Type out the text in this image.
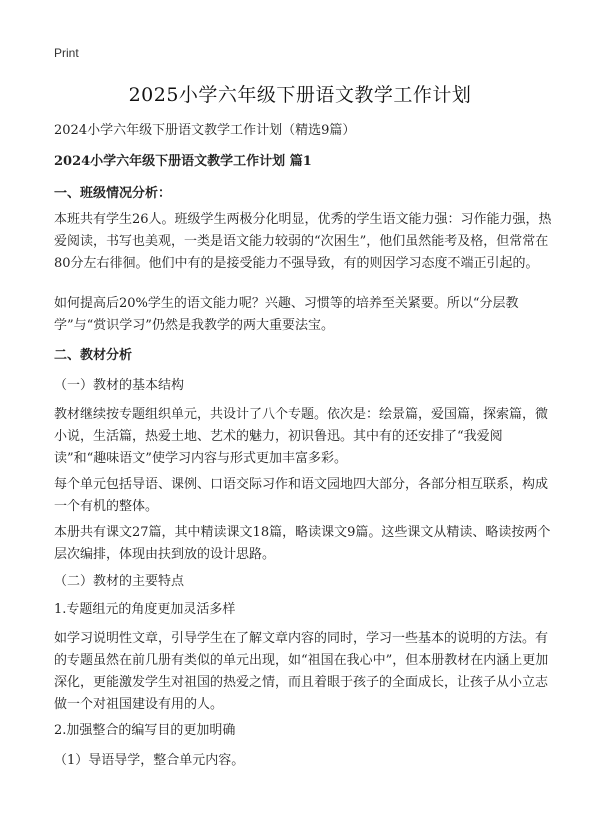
Print
2025小学六年级下册语文教学工作计划

2024小学六年级下册语文教学工作计划（精选9篇）

2024小学六年级下册语文教学工作计划 篇1

一、班级情况分析：

本班共有学生26人。班级学生两极分化明显，优秀的学生语文能力强：习作能力强，热爱阅读，书写也美观，一类是语文能力较弱的“次困生”，他们虽然能考及格，但常常在80分左右徘徊。他们中有的是接受能力不强导致，有的则因学习态度不端正引起的。

如何提高后20%学生的语文能力呢？兴趣、习惯等的培养至关紧要。所以“分层教学”与“赏识学习”仍然是我教学的两大重要法宝。

二、教材分析

（一）教材的基本结构

教材继续按专题组织单元，共设计了八个专题。依次是：绘景篇，爱国篇，探索篇，微小说，生活篇，热爱土地、艺术的魅力，初识鲁迅。其中有的还安排了“我爱阅读”和“趣味语文”使学习内容与形式更加丰富多彩。

每个单元包括导语、课例、口语交际习作和语文园地四大部分，各部分相互联系，构成一个有机的整体。

本册共有课文27篇，其中精读课文18篇，略读课文9篇。这些课文从精读、略读按两个层次编排，体现由扶到放的设计思路。

（二）教材的主要特点

1.专题组元的角度更加灵活多样

如学习说明性文章，引导学生在了解文章内容的同时，学习一些基本的说明的方法。有的专题虽然在前几册有类似的单元出现，如“祖国在我心中”，但本册教材在内涵上更加深化，更能激发学生对祖国的热爱之情，而且着眼于孩子的全面成长，让孩子从小立志做一个对祖国建设有用的人。

2.加强整合的编写目的更加明确

（1）导语导学，整合单元内容。
